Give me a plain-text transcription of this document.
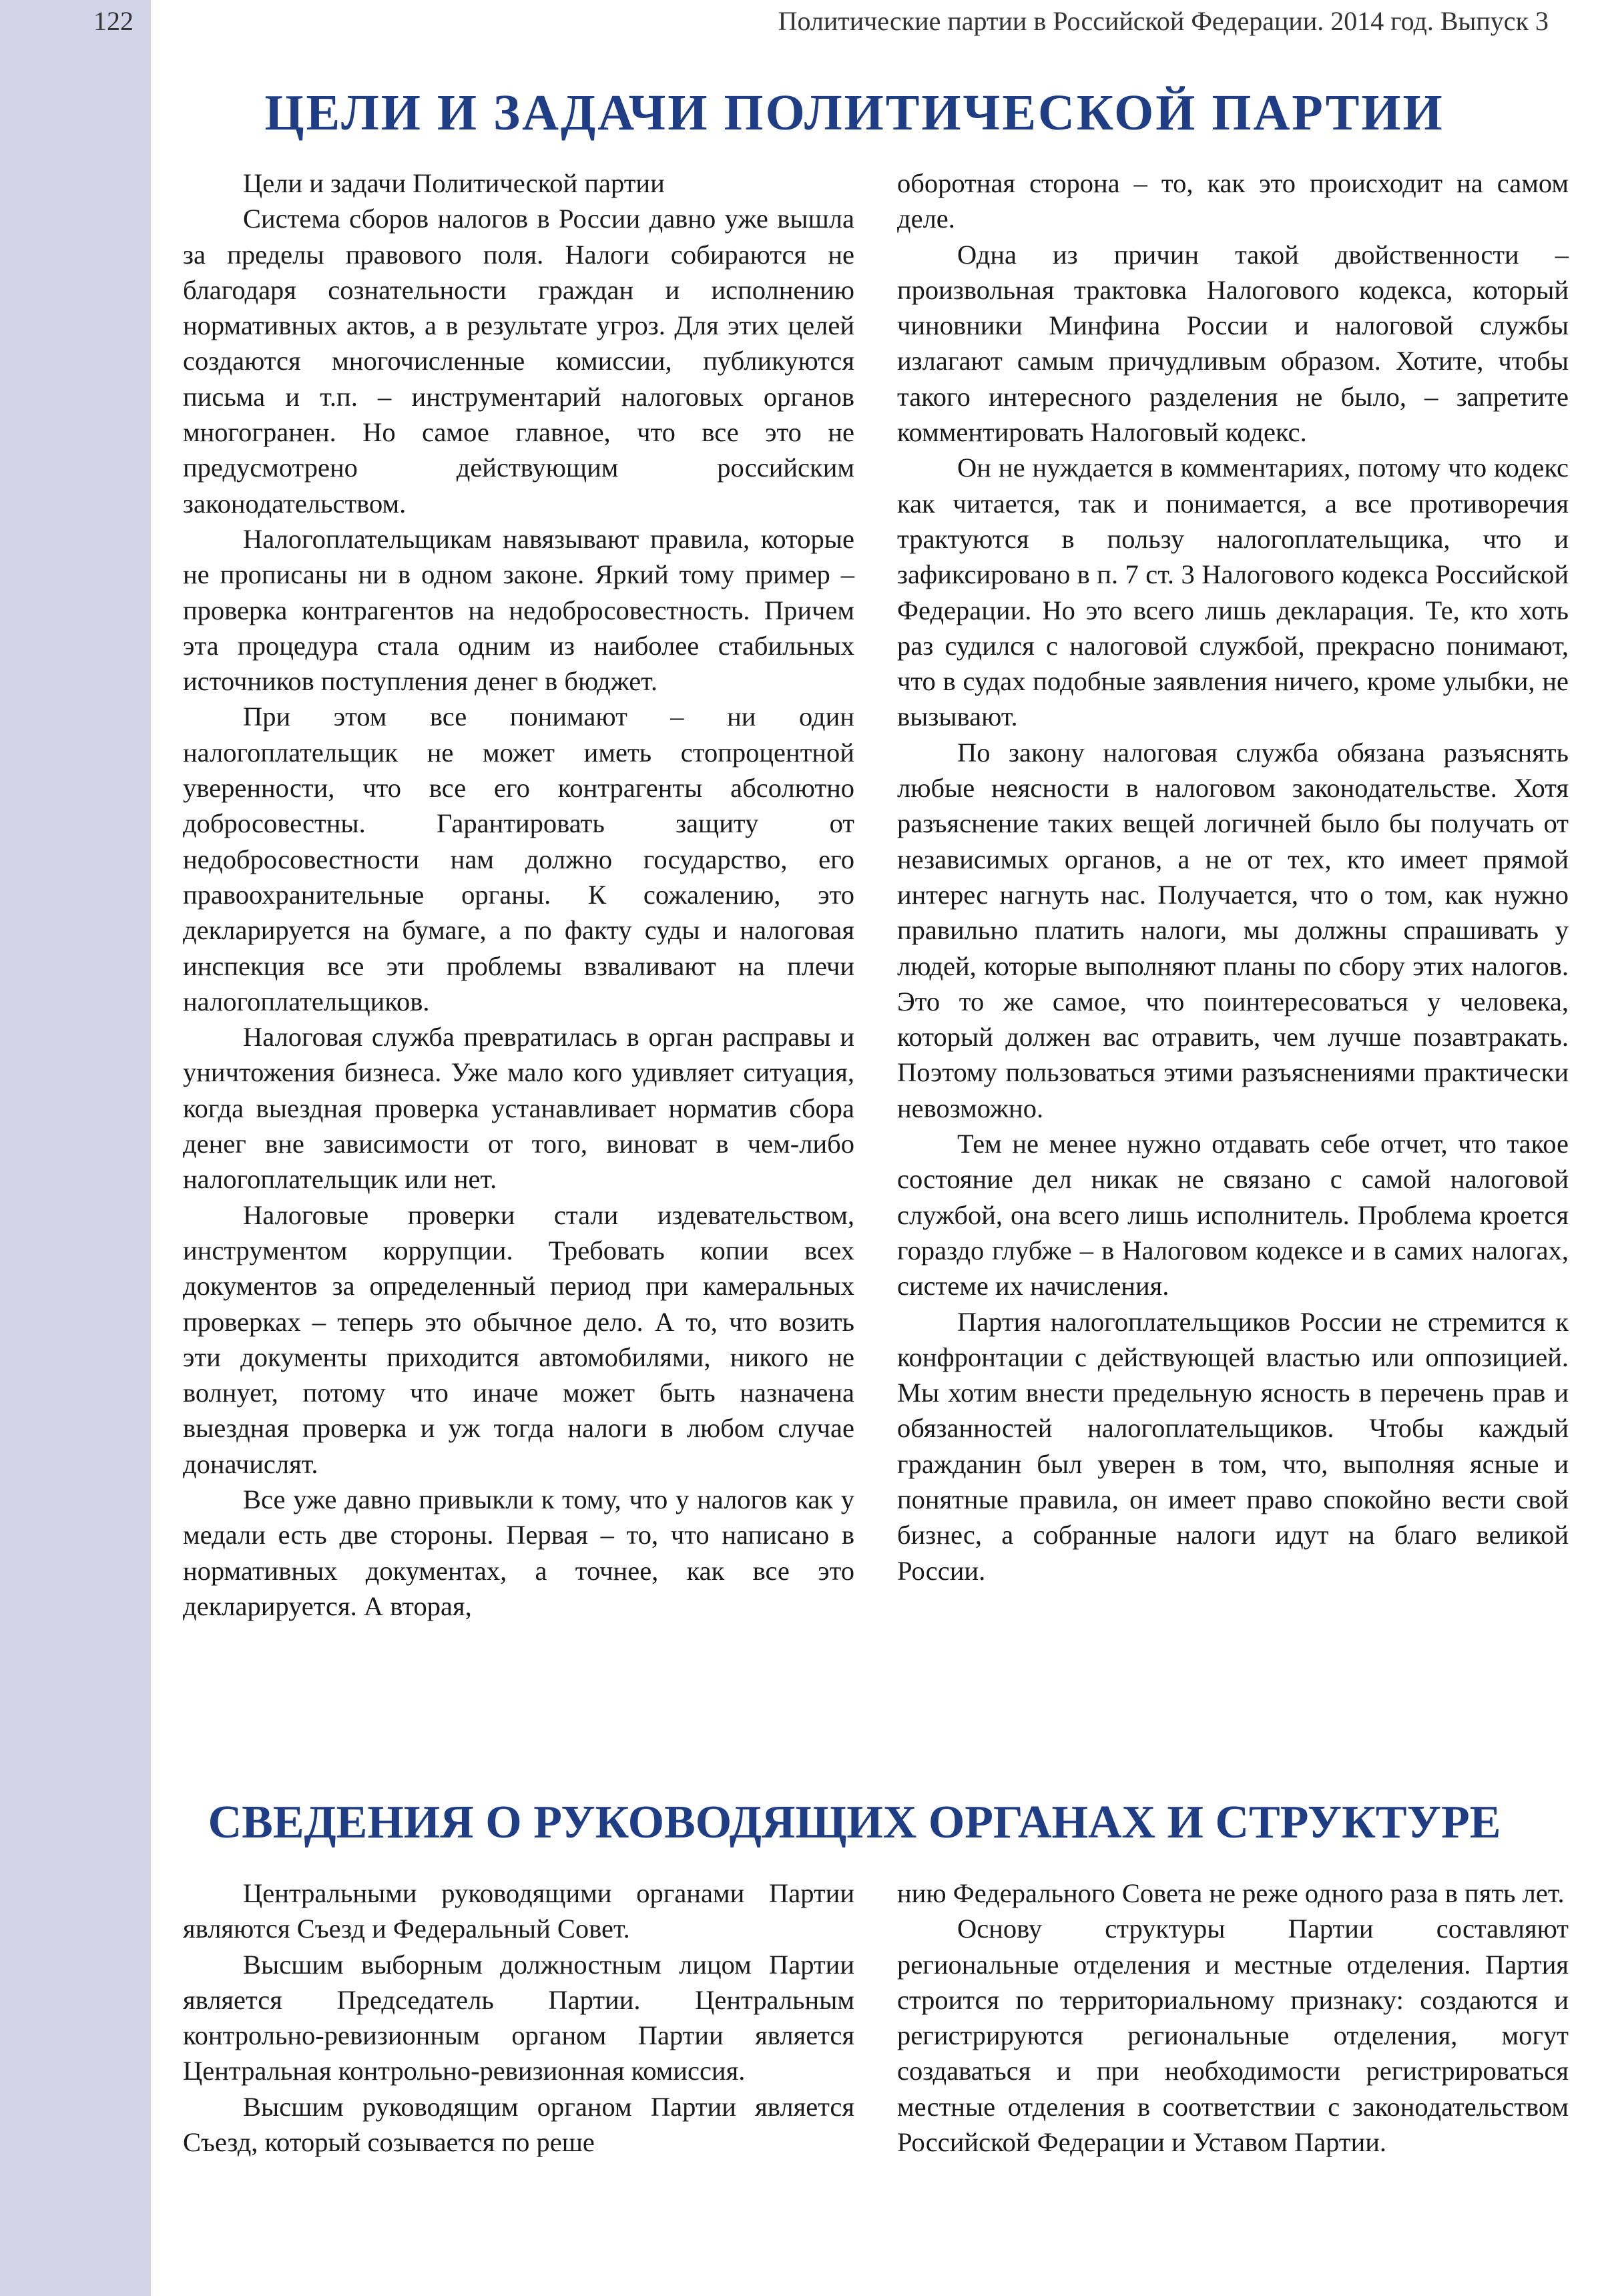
122	Политические партии в Российской Федерации. 2014 год. Выпуск 3
ЦЕЛИ И ЗАДАЧИ ПОЛИТИЧЕСКОЙ ПАРТИИ

Цели и задачи Политической партии

Система сборов налогов в России давно уже вышла за пределы правового поля. Налоги собираются не благодаря сознательности граждан и исполнению нормативных актов, а в результате угроз. Для этих целей создаются многочисленные комиссии, публикуются письма и т.п. – инструментарий налоговых органов многогранен. Но самое главное, что все это не предусмотрено действующим российским законодательством.

Налогоплательщикам навязывают правила, которые не прописаны ни в одном законе. Яркий тому пример – проверка контрагентов на недобросовестность. Причем эта процедура стала одним из наиболее стабильных источников поступления денег в бюджет.

При этом все понимают – ни один налогоплательщик не может иметь стопроцентной уверенности, что все его контрагенты абсолютно добросовестны. Гарантировать защиту от недобросовестности нам должно государство, его правоохранительные органы. К сожалению, это декларируется на бумаге, а по факту суды и налоговая инспекция все эти проблемы взваливают на плечи налогоплательщиков.

Налоговая служба превратилась в орган расправы и уничтожения бизнеса. Уже мало кого удивляет ситуация, когда выездная проверка устанавливает норматив сбора денег вне зависимости от того, виноват в чем-либо налогоплательщик или нет.

Налоговые проверки стали издевательством, инструментом коррупции. Требовать копии всех документов за определенный период при камеральных проверках – теперь это обычное дело. А то, что возить эти документы приходится автомобилями, никого не волнует, потому что иначе может быть назначена выездная проверка и уж тогда налоги в любом случае доначислят.

Все уже давно привыкли к тому, что у налогов как у медали есть две стороны. Первая – то, что написано в нормативных документах, а точнее, как все это декларируется. А вторая,

оборотная сторона – то, как это происходит на самом деле.

Одна из причин такой двойственности – произвольная трактовка Налогового кодекса, который чиновники Минфина России и налоговой службы излагают самым причудливым образом. Хотите, чтобы такого интересного разделения не было, – запретите комментировать Налоговый кодекс.

Он не нуждается в комментариях, потому что кодекс как читается, так и понимается, а все противоречия трактуются в пользу налогоплательщика, что и зафиксировано в п. 7 ст. 3 Налогового кодекса Российской Федерации. Но это всего лишь декларация. Те, кто хоть раз судился с налоговой службой, прекрасно понимают, что в судах подобные заявления ничего, кроме улыбки, не вызывают.

По закону налоговая служба обязана разъяснять любые неясности в налоговом законодательстве. Хотя разъяснение таких вещей логичней было бы получать от независимых органов, а не от тех, кто имеет прямой интерес нагнуть нас. Получается, что о том, как нужно правильно платить налоги, мы должны спрашивать у людей, которые выполняют планы по сбору этих налогов. Это то же самое, что поинтересоваться у человека, который должен вас отравить, чем лучше позавтракать. Поэтому пользоваться этими разъяснениями практически невозможно.

Тем не менее нужно отдавать себе отчет, что такое состояние дел никак не связано с самой налоговой службой, она всего лишь исполнитель. Проблема кроется гораздо глубже – в Налоговом кодексе и в самих налогах, системе их начисления.

Партия налогоплательщиков России не стремится к конфронтации с действующей властью или оппозицией. Мы хотим внести предельную ясность в перечень прав и обязанностей налогоплательщиков. Чтобы каждый гражданин был уверен в том, что, выполняя ясные и понятные правила, он имеет право спокойно вести свой бизнес, а собранные налоги идут на благо великой России.

СВЕДЕНИЯ О РУКОВОДЯЩИХ ОРГАНАХ И СТРУКТУРЕ

Центральными руководящими органами Партии являются Съезд и Федеральный Совет.

Высшим выборным должностным лицом Партии является Председатель Партии. Центральным контрольно-ревизионным органом Партии является Центральная контрольно-ревизионная комиссия.

Высшим руководящим органом Партии является Съезд, который созывается по реше

нию Федерального Совета не реже одного раза в пять лет.

Основу структуры Партии составляют региональные отделения и местные отделения. Партия строится по территориальному признаку: создаются и регистрируются региональные отделения, могут создаваться и при необходимости регистрироваться местные отделения в соответствии с законодательством Российской Федерации и Уставом Партии.
